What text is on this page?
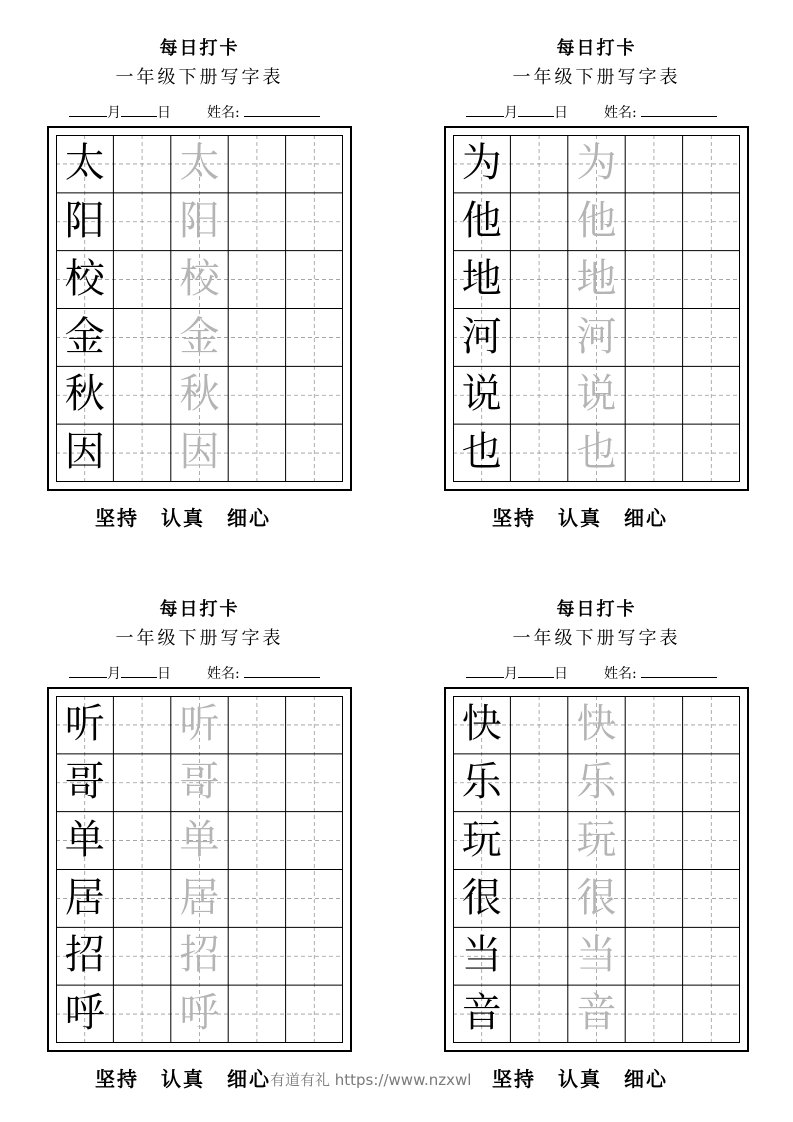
每日打卡
一年级下册写字表
月	日	姓名:
太 太
阳 阳
校 校
金 金
秋 秋
因 因
坚持 认真 细心
每日打卡
一年级下册写字表
月	日	姓名:
为 为
他 他
地 地
河 河
说 说
也 也
坚持 认真 细心
每日打卡
一年级下册写字表
月	日	姓名:
听 听
哥 哥
单 单
居 居
招 招
呼 呼
坚持 认真 细心
每日打卡
一年级下册写字表
月	日	姓名:
快 快
乐 乐
玩 玩
很 很
当 当
音 音
坚持 认真 细心
有道有礼 https://www.nzxwl
